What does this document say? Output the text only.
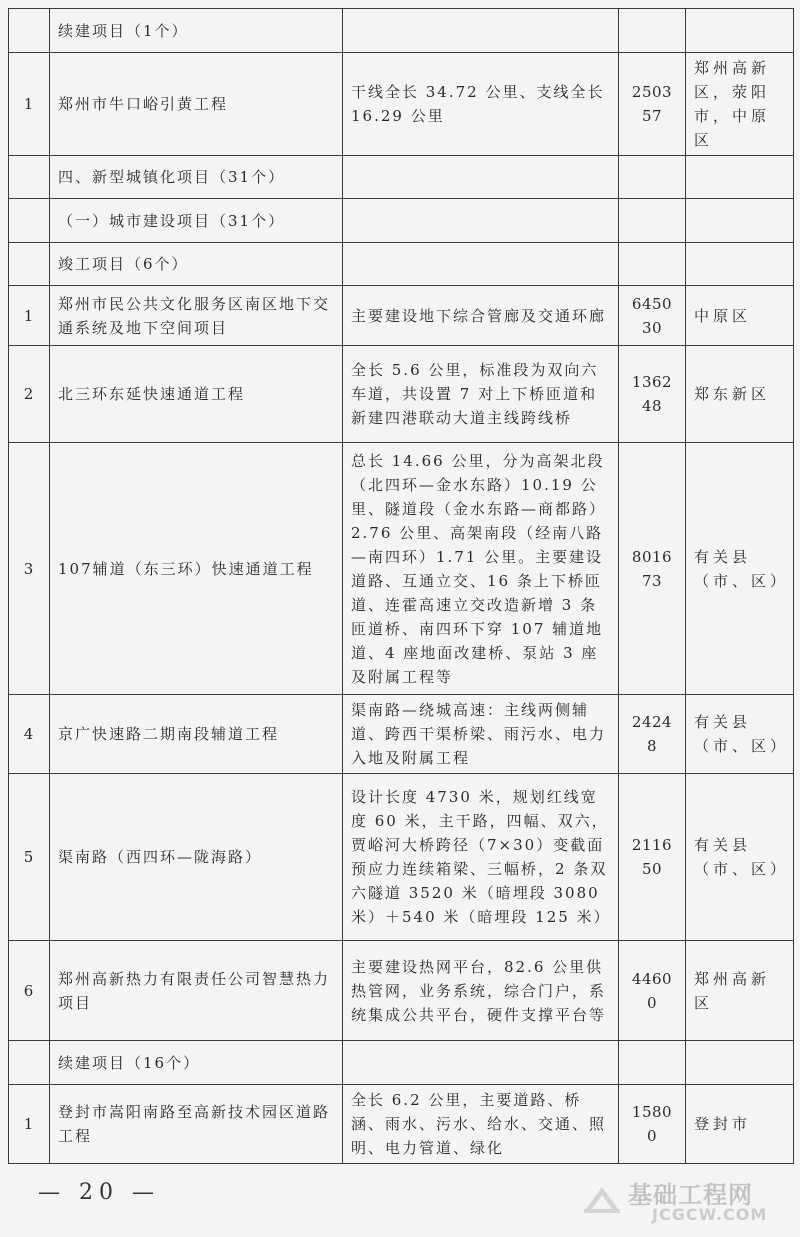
	续建项目（1个）			
1	郑州市牛口峪引黄工程	干线全长 34.72 公里、支线全长 16.29 公里	250357	郑州高新区，荥阳市，中原区
	四、新型城镇化项目（31个）			
	（一）城市建设项目（31个）			
	竣工项目（6个）			
1	郑州市民公共文化服务区南区地下交通系统及地下空间项目	主要建设地下综合管廊及交通环廊	645030	中原区
2	北三环东延快速通道工程	全长 5.6 公里，标准段为双向六车道，共设置 7 对上下桥匝道和新建四港联动大道主线跨线桥	136248	郑东新区
3	107辅道（东三环）快速通道工程	总长 14.66 公里，分为高架北段（北四环—金水东路）10.19 公里、隧道段（金水东路—商都路）2.76 公里、高架南段（经南八路—南四环）1.71 公里。主要建设道路、互通立交、16 条上下桥匝道、连霍高速立交改造新增 3 条匝道桥、南四环下穿 107 辅道地道、4 座地面改建桥、泵站 3 座及附属工程等	801673	有关县（市、区）
4	京广快速路二期南段辅道工程	渠南路—绕城高速：主线两侧辅道、跨西干渠桥梁、雨污水、电力入地及附属工程	24248	有关县（市、区）
5	渠南路（西四环—陇海路）	设计长度 4730 米，规划红线宽度 60 米，主干路，四幅、双六，贾峪河大桥跨径（7×30）变截面预应力连续箱梁、三幅桥，2 条双六隧道 3520 米（暗埋段 3080 米）＋540 米（暗埋段 125 米）	211650	有关县（市、区）
6	郑州高新热力有限责任公司智慧热力项目	主要建设热网平台，82.6 公里供热管网，业务系统，综合门户，系统集成公共平台，硬件支撑平台等	44600	郑州高新区
	续建项目（16个）			
1	登封市嵩阳南路至高新技术园区道路工程	全长 6.2 公里，主要道路、桥涵、雨水、污水、给水、交通、照明、电力管道、绿化	15800	登封市
— 20 —	基础工程网
JCGCW.COM
